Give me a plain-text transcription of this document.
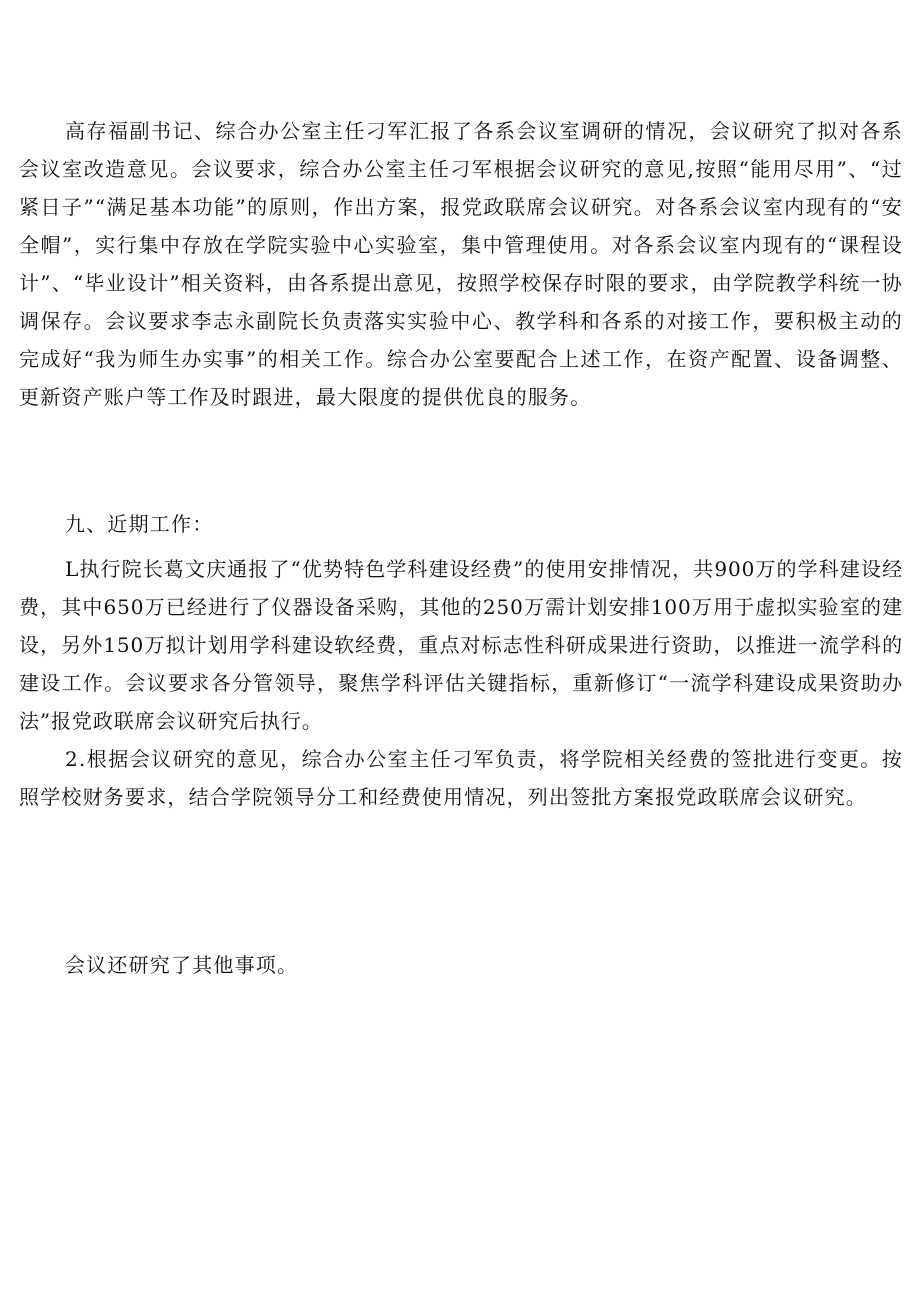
高存福副书记、综合办公室主任刁军汇报了各系会议室调研的情况，会议研究了拟对各系会议室改造意见。会议要求，综合办公室主任刁军根据会议研究的意见,按照“能用尽用”、“过紧日子”“满足基本功能”的原则，作出方案，报党政联席会议研究。对各系会议室内现有的“安全帽”，实行集中存放在学院实验中心实验室，集中管理使用。对各系会议室内现有的“课程设计”、“毕业设计”相关资料，由各系提出意见，按照学校保存时限的要求，由学院教学科统一协调保存。会议要求李志永副院长负责落实实验中心、教学科和各系的对接工作，要积极主动的完成好“我为师生办实事”的相关工作。综合办公室要配合上述工作，在资产配置、设备调整、更新资产账户等工作及时跟进，最大限度的提供优良的服务。

九、近期工作：

L执行院长葛文庆通报了“优势特色学科建设经费”的使用安排情况，共900万的学科建设经费，其中650万已经进行了仪器设备采购，其他的250万需计划安排100万用于虚拟实验室的建设，另外150万拟计划用学科建设软经费，重点对标志性科研成果进行资助，以推进一流学科的建设工作。会议要求各分管领导，聚焦学科评估关键指标，重新修订“一流学科建设成果资助办法”报党政联席会议研究后执行。

2.根据会议研究的意见，综合办公室主任刁军负责，将学院相关经费的签批进行变更。按照学校财务要求，结合学院领导分工和经费使用情况，列出签批方案报党政联席会议研究。

会议还研究了其他事项。
